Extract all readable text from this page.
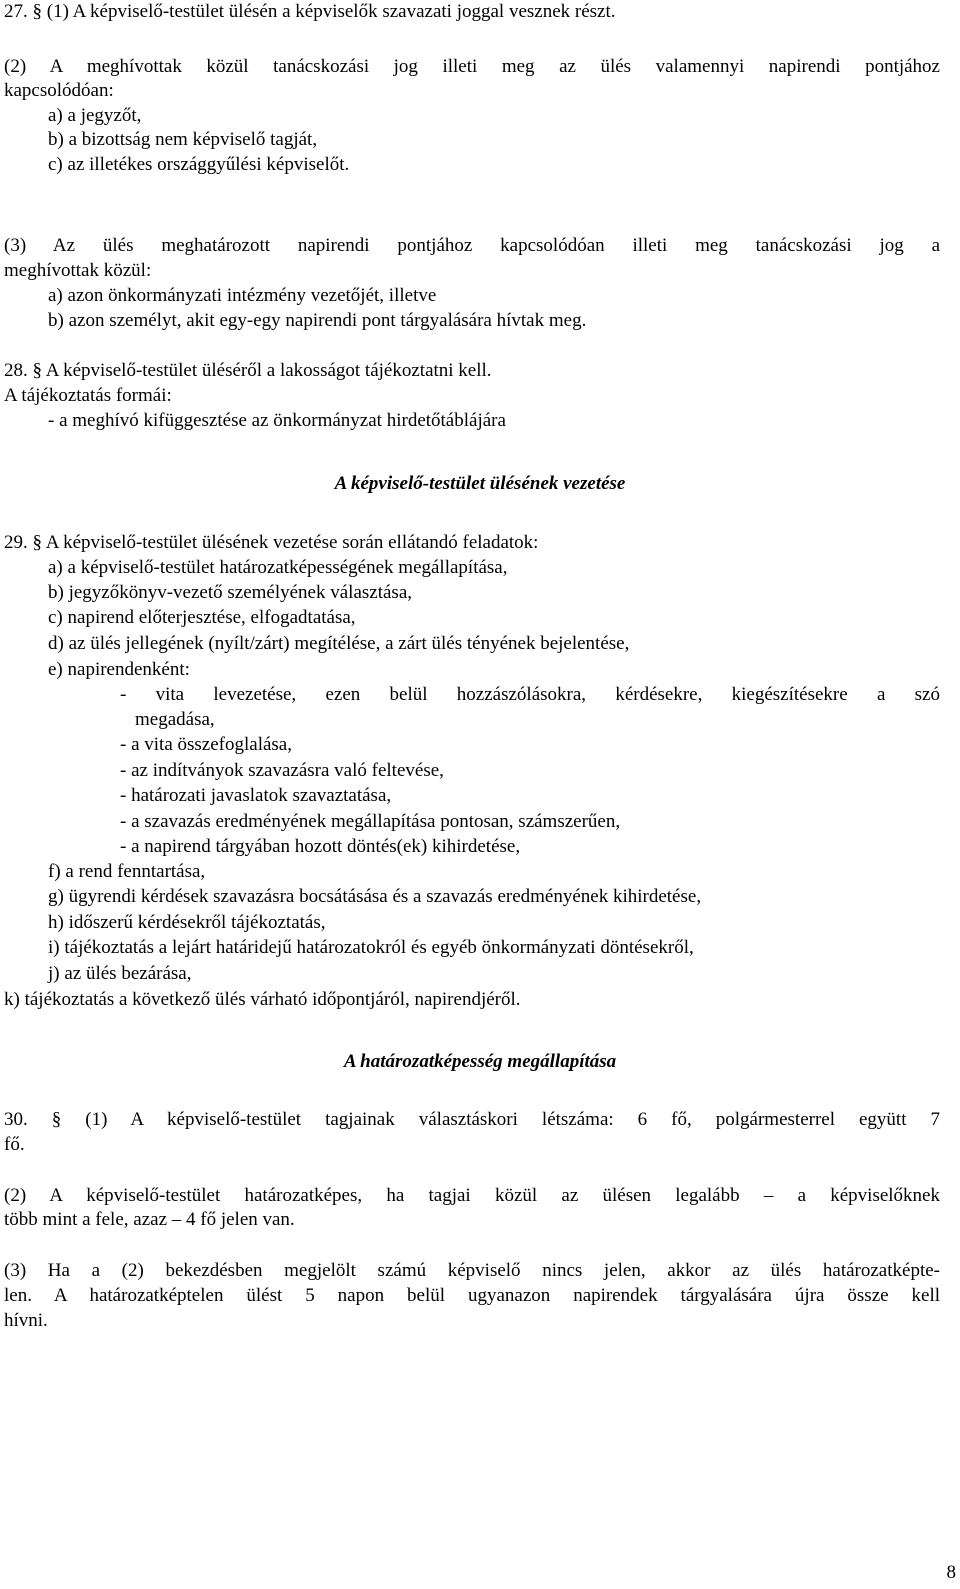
27. § (1) A képviselő-testület ülésén a képviselők szavazati joggal vesznek részt.
(2) A meghívottak közül tanácskozási jog illeti meg az ülés valamennyi napirendi pontjához
kapcsolódóan:
a) a jegyzőt,
b) a bizottság nem képviselő tagját,
c) az illetékes országgyűlési képviselőt.
(3) Az ülés meghatározott napirendi pontjához kapcsolódóan illeti meg tanácskozási jog a
meghívottak közül:
a) azon önkormányzati intézmény vezetőjét, illetve
b) azon személyt, akit egy-egy napirendi pont tárgyalására hívtak meg.
28. § A képviselő-testület üléséről a lakosságot tájékoztatni kell.
A tájékoztatás formái:
- a meghívó kifüggesztése az önkormányzat hirdetőtáblájára
A képviselő-testület ülésének vezetése
29. § A képviselő-testület ülésének vezetése során ellátandó feladatok:
a) a képviselő-testület határozatképességének megállapítása,
b) jegyzőkönyv-vezető személyének választása,
c) napirend előterjesztése, elfogadtatása,
d) az ülés jellegének (nyílt/zárt) megítélése, a zárt ülés tényének bejelentése,
e) napirendenként:
- vita levezetése, ezen belül hozzászólásokra, kérdésekre, kiegészítésekre a szó
megadása,
- a vita összefoglalása,
- az indítványok szavazásra való feltevése,
- határozati javaslatok szavaztatása,
- a szavazás eredményének megállapítása pontosan, számszerűen,
- a napirend tárgyában hozott döntés(ek) kihirdetése,
f) a rend fenntartása,
g) ügyrendi kérdések szavazásra bocsátásása és a szavazás eredményének kihirdetése,
h) időszerű kérdésekről tájékoztatás,
i) tájékoztatás a lejárt határidejű határozatokról és egyéb önkormányzati döntésekről,
j) az ülés bezárása,
k) tájékoztatás a következő ülés várható időpontjáról, napirendjéről.
A határozatképesség megállapítása
30. § (1) A képviselő-testület tagjainak választáskori létszáma: 6 fő, polgármesterrel együtt 7
fő.
(2) A képviselő-testület határozatképes, ha tagjai közül az ülésen legalább – a képviselőknek
több mint a fele, azaz – 4 fő jelen van.
(3) Ha a (2) bekezdésben megjelölt számú képviselő nincs jelen, akkor az ülés határozatképte-
len. A határozatképtelen ülést 5 napon belül ugyanazon napirendek tárgyalására újra össze kell
hívni.
8
